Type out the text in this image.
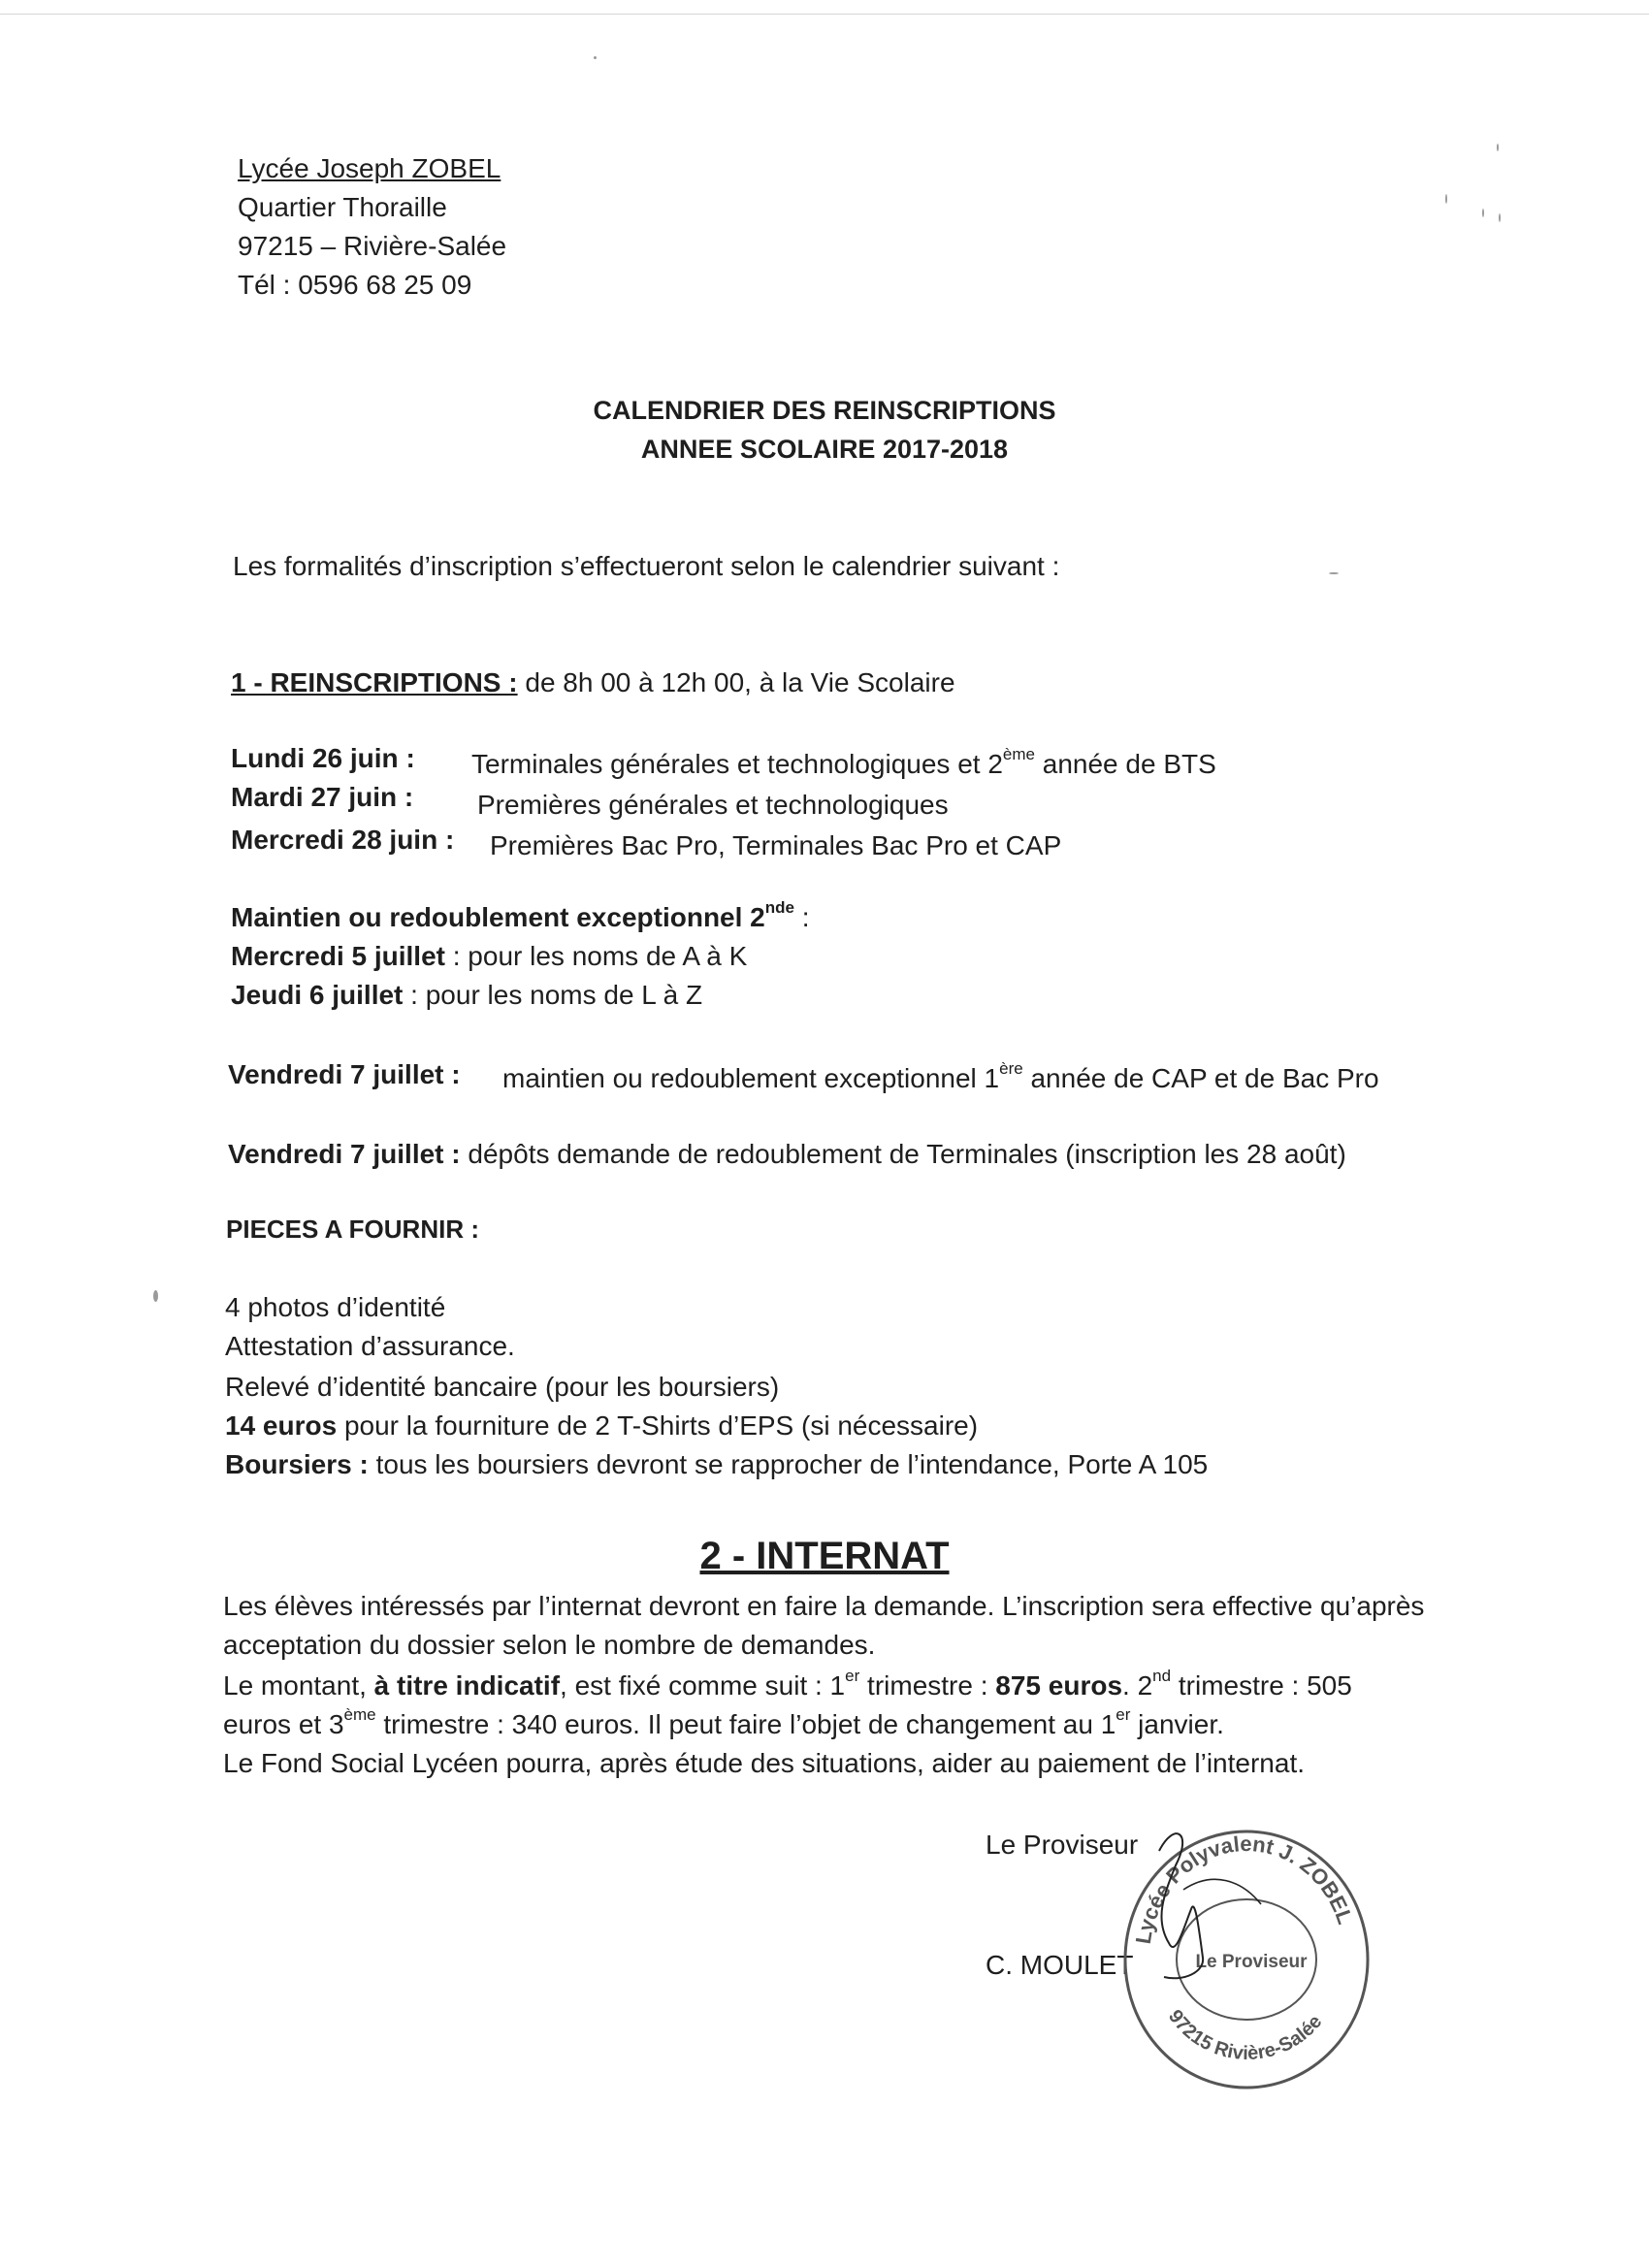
Lycée Joseph ZOBEL
Quartier Thoraille
97215 – Rivière-Salée
Tél : 0596 68 25 09
CALENDRIER DES REINSCRIPTIONS
ANNEE SCOLAIRE 2017-2018
Les formalités d’inscription s’effectueront selon le calendrier suivant :
1 - REINSCRIPTIONS : de 8h 00 à 12h 00, à la Vie Scolaire
Lundi 26 juin : Terminales générales et technologiques et 2ème année de BTS
Mardi 27 juin : Premières générales et technologiques
Mercredi 28 juin : Premières Bac Pro, Terminales Bac Pro et CAP
Maintien ou redoublement exceptionnel 2nde :
Mercredi 5 juillet : pour les noms de A à K
Jeudi 6 juillet : pour les noms de L à Z
Vendredi 7 juillet : maintien ou redoublement exceptionnel 1ère année de CAP et de Bac Pro
Vendredi 7 juillet : dépôts demande de redoublement de Terminales (inscription les 28 août)
PIECES A FOURNIR :
4 photos d’identité
Attestation d’assurance.
Relevé d’identité bancaire (pour les boursiers)
14 euros pour la fourniture de 2 T-Shirts d’EPS (si nécessaire)
Boursiers : tous les boursiers devront se rapprocher de l’intendance, Porte A 105
2 - INTERNAT
Les élèves intéressés par l’internat devront en faire la demande. L’inscription sera effective qu’après
acceptation du dossier selon le nombre de demandes.
Le montant, à titre indicatif, est fixé comme suit : 1er trimestre : 875 euros. 2nd trimestre : 505
euros et 3ème trimestre : 340 euros. Il peut faire l’objet de changement au 1er janvier.
Le Fond Social Lycéen pourra, après étude des situations, aider au paiement de l’internat.
Le Proviseur
C. MOULET
Lycée Polyvalent J. ZOBEL
97215 Rivière-Salée
Le Proviseur
